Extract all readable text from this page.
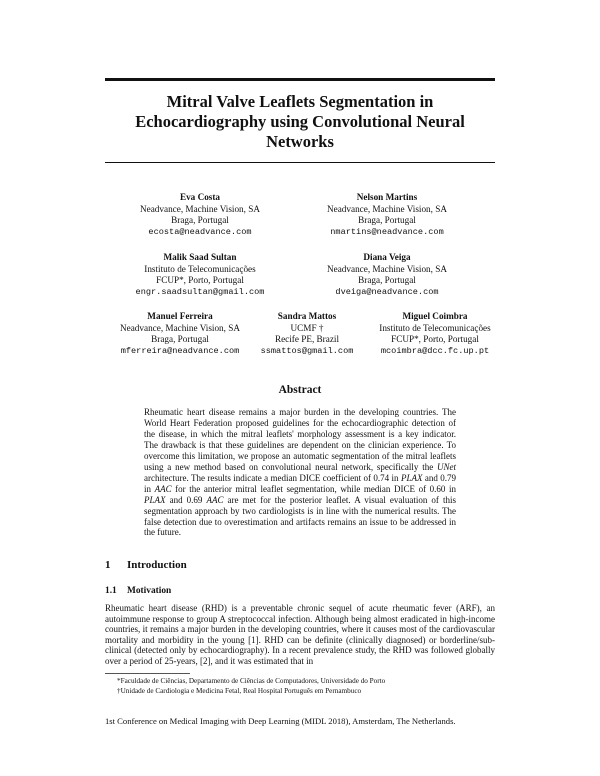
Mitral Valve Leaflets Segmentation in
Echocardiography using Convolutional Neural
Networks
Eva Costa
Neadvance, Machine Vision, SA
Braga, Portugal
ecosta@neadvance.com
Nelson Martins
Neadvance, Machine Vision, SA
Braga, Portugal
nmartins@neadvance.com
Malik Saad Sultan
Instituto de Telecomunicações
FCUP*, Porto, Portugal
engr.saadsultan@gmail.com
Diana Veiga
Neadvance, Machine Vision, SA
Braga, Portugal
dveiga@neadvance.com
Manuel Ferreira
Neadvance, Machine Vision, SA
Braga, Portugal
mferreira@neadvance.com
Sandra Mattos
UCMF †
Recife PE, Brazil
ssmattos@gmail.com
Miguel Coimbra
Instituto de Telecomunicações
FCUP*, Porto, Portugal
mcoimbra@dcc.fc.up.pt
Abstract
Rheumatic heart disease remains a major burden in the developing countries. The World Heart Federation proposed guidelines for the echocardiographic detection of the disease, in which the mitral leaflets' morphology assessment is a key indicator. The drawback is that these guidelines are dependent on the clinician experience. To overcome this limitation, we propose an automatic segmentation of the mitral leaflets using a new method based on convolutional neural network, specifically the UNet architecture. The results indicate a median DICE coefficient of 0.74 in PLAX and 0.79 in AAC for the anterior mitral leaflet segmentation, while median DICE of 0.60 in PLAX and 0.69 AAC are met for the posterior leaflet. A visual evaluation of this segmentation approach by two cardiologists is in line with the numerical results. The false detection due to overestimation and artifacts remains an issue to be addressed in the future.
1 Introduction
1.1 Motivation
Rheumatic heart disease (RHD) is a preventable chronic sequel of acute rheumatic fever (ARF), an autoimmune response to group A streptococcal infection. Although being almost eradicated in high-income countries, it remains a major burden in the developing countries, where it causes most of the cardiovascular mortality and morbidity in the young [1]. RHD can be definite (clinically diagnosed) or borderline/sub-clinical (detected only by echocardiography). In a recent prevalence study, the RHD was followed globally over a period of 25-years, [2], and it was estimated that in
*Faculdade de Ciências, Departamento de Ciências de Computadores, Universidade do Porto
†Unidade de Cardiologia e Medicina Fetal, Real Hospital Português em Pernambuco
1st Conference on Medical Imaging with Deep Learning (MIDL 2018), Amsterdam, The Netherlands.
